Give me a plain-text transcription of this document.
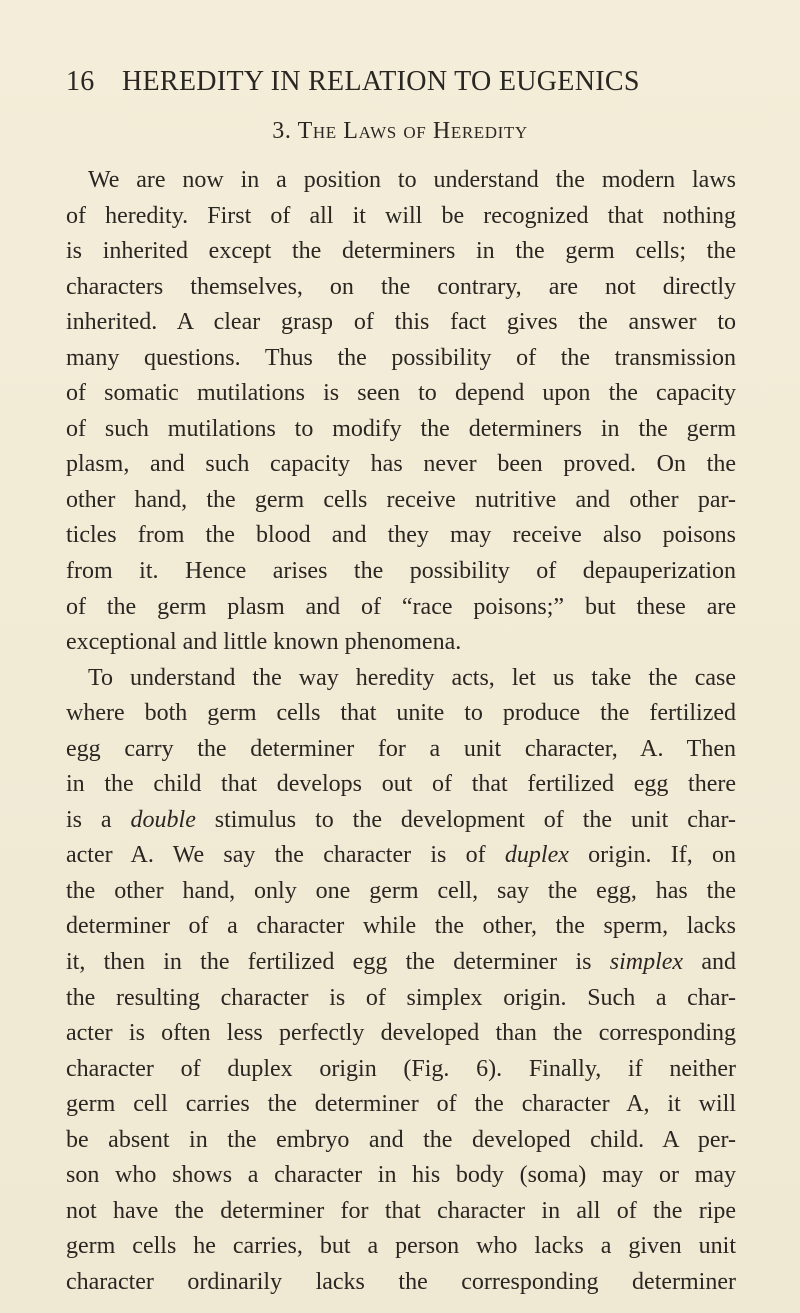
16 HEREDITY IN RELATION TO EUGENICS
3. The Laws of Heredity
We are now in a position to understand the modern laws
of heredity. First of all it will be recognized that nothing
is inherited except the determiners in the germ cells; the
characters themselves, on the contrary, are not directly
inherited. A clear grasp of this fact gives the answer to
many questions. Thus the possibility of the transmission
of somatic mutilations is seen to depend upon the capacity
of such mutilations to modify the determiners in the germ
plasm, and such capacity has never been proved. On the
other hand, the germ cells receive nutritive and other par-
ticles from the blood and they may receive also poisons
from it. Hence arises the possibility of depauperization
of the germ plasm and of “race poisons;” but these are
exceptional and little known phenomena.
To understand the way heredity acts, let us take the case
where both germ cells that unite to produce the fertilized
egg carry the determiner for a unit character, A. Then
in the child that develops out of that fertilized egg there
is a double stimulus to the development of the unit char-
acter A. We say the character is of duplex origin. If, on
the other hand, only one germ cell, say the egg, has the
determiner of a character while the other, the sperm, lacks
it, then in the fertilized egg the determiner is simplex and
the resulting character is of simplex origin. Such a char-
acter is often less perfectly developed than the corresponding
character of duplex origin (Fig. 6). Finally, if neither
germ cell carries the determiner of the character A, it will
be absent in the embryo and the developed child. A per-
son who shows a character in his body (soma) may or may
not have the determiner for that character in all of the ripe
germ cells he carries, but a person who lacks a given unit
character ordinarily lacks the corresponding determiner
